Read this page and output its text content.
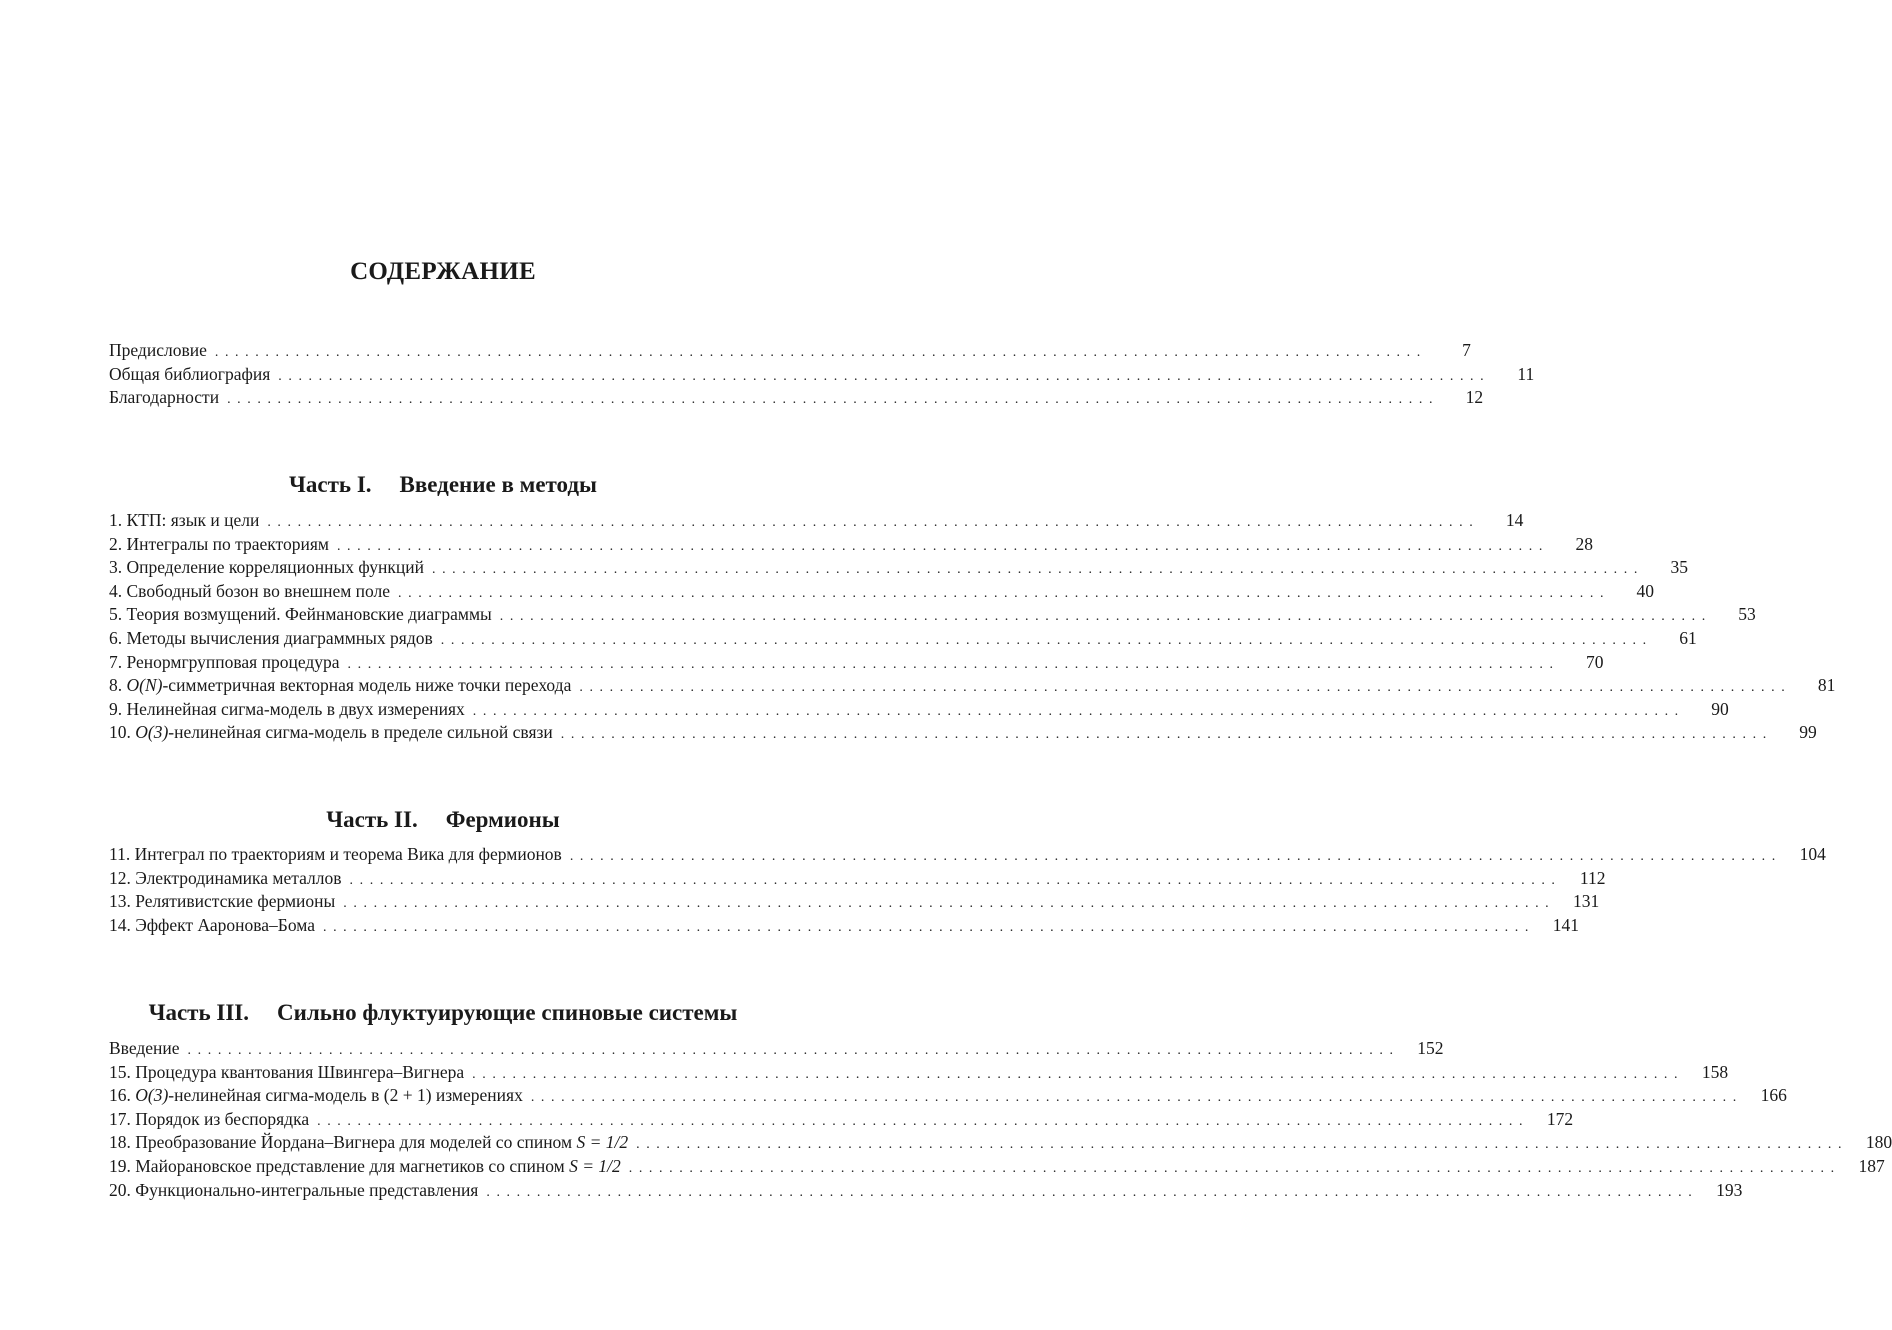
СОДЕРЖАНИЕ
Предисловие ........................................................................................................................	7
Общая библиография ........................................................................................................................	11
Благодарности ........................................................................................................................	12
Часть I. Введение в методы
1. КТП: язык и цели ........................................................................................................................	14
2. Интегралы по траекториям ........................................................................................................................	28
3. Определение корреляционных функций ........................................................................................................................	35
4. Свободный бозон во внешнем поле ........................................................................................................................	40
5. Теория возмущений. Фейнмановские диаграммы ........................................................................................................................	53
6. Методы вычисления диаграммных рядов ........................................................................................................................	61
7. Ренормгрупповая процедура ........................................................................................................................	70
8. O(N)-симметричная векторная модель ниже точки перехода ........................................................................................................................	81
9. Нелинейная сигма-модель в двух измерениях ........................................................................................................................	90
10. O(3)-нелинейная сигма-модель в пределе сильной связи ........................................................................................................................	99
Часть II. Фермионы
11. Интеграл по траекториям и теорема Вика для фермионов ........................................................................................................................	104
12. Электродинамика металлов ........................................................................................................................	112
13. Релятивистские фермионы ........................................................................................................................	131
14. Эффект Ааронова–Бома ........................................................................................................................	141
Часть III. Сильно флуктуирующие спиновые системы
Введение ........................................................................................................................	152
15. Процедура квантования Швингера–Вигнера ........................................................................................................................	158
16. O(3)-нелинейная сигма-модель в (2 + 1) измерениях ........................................................................................................................	166
17. Порядок из беспорядка ........................................................................................................................	172
18. Преобразование Йордана–Вигнера для моделей со спином S = 1/2 ........................................................................................................................	180
19. Майорановское представление для магнетиков со спином S = 1/2 ........................................................................................................................	187
20. Функционально-интегральные представления ........................................................................................................................	193
